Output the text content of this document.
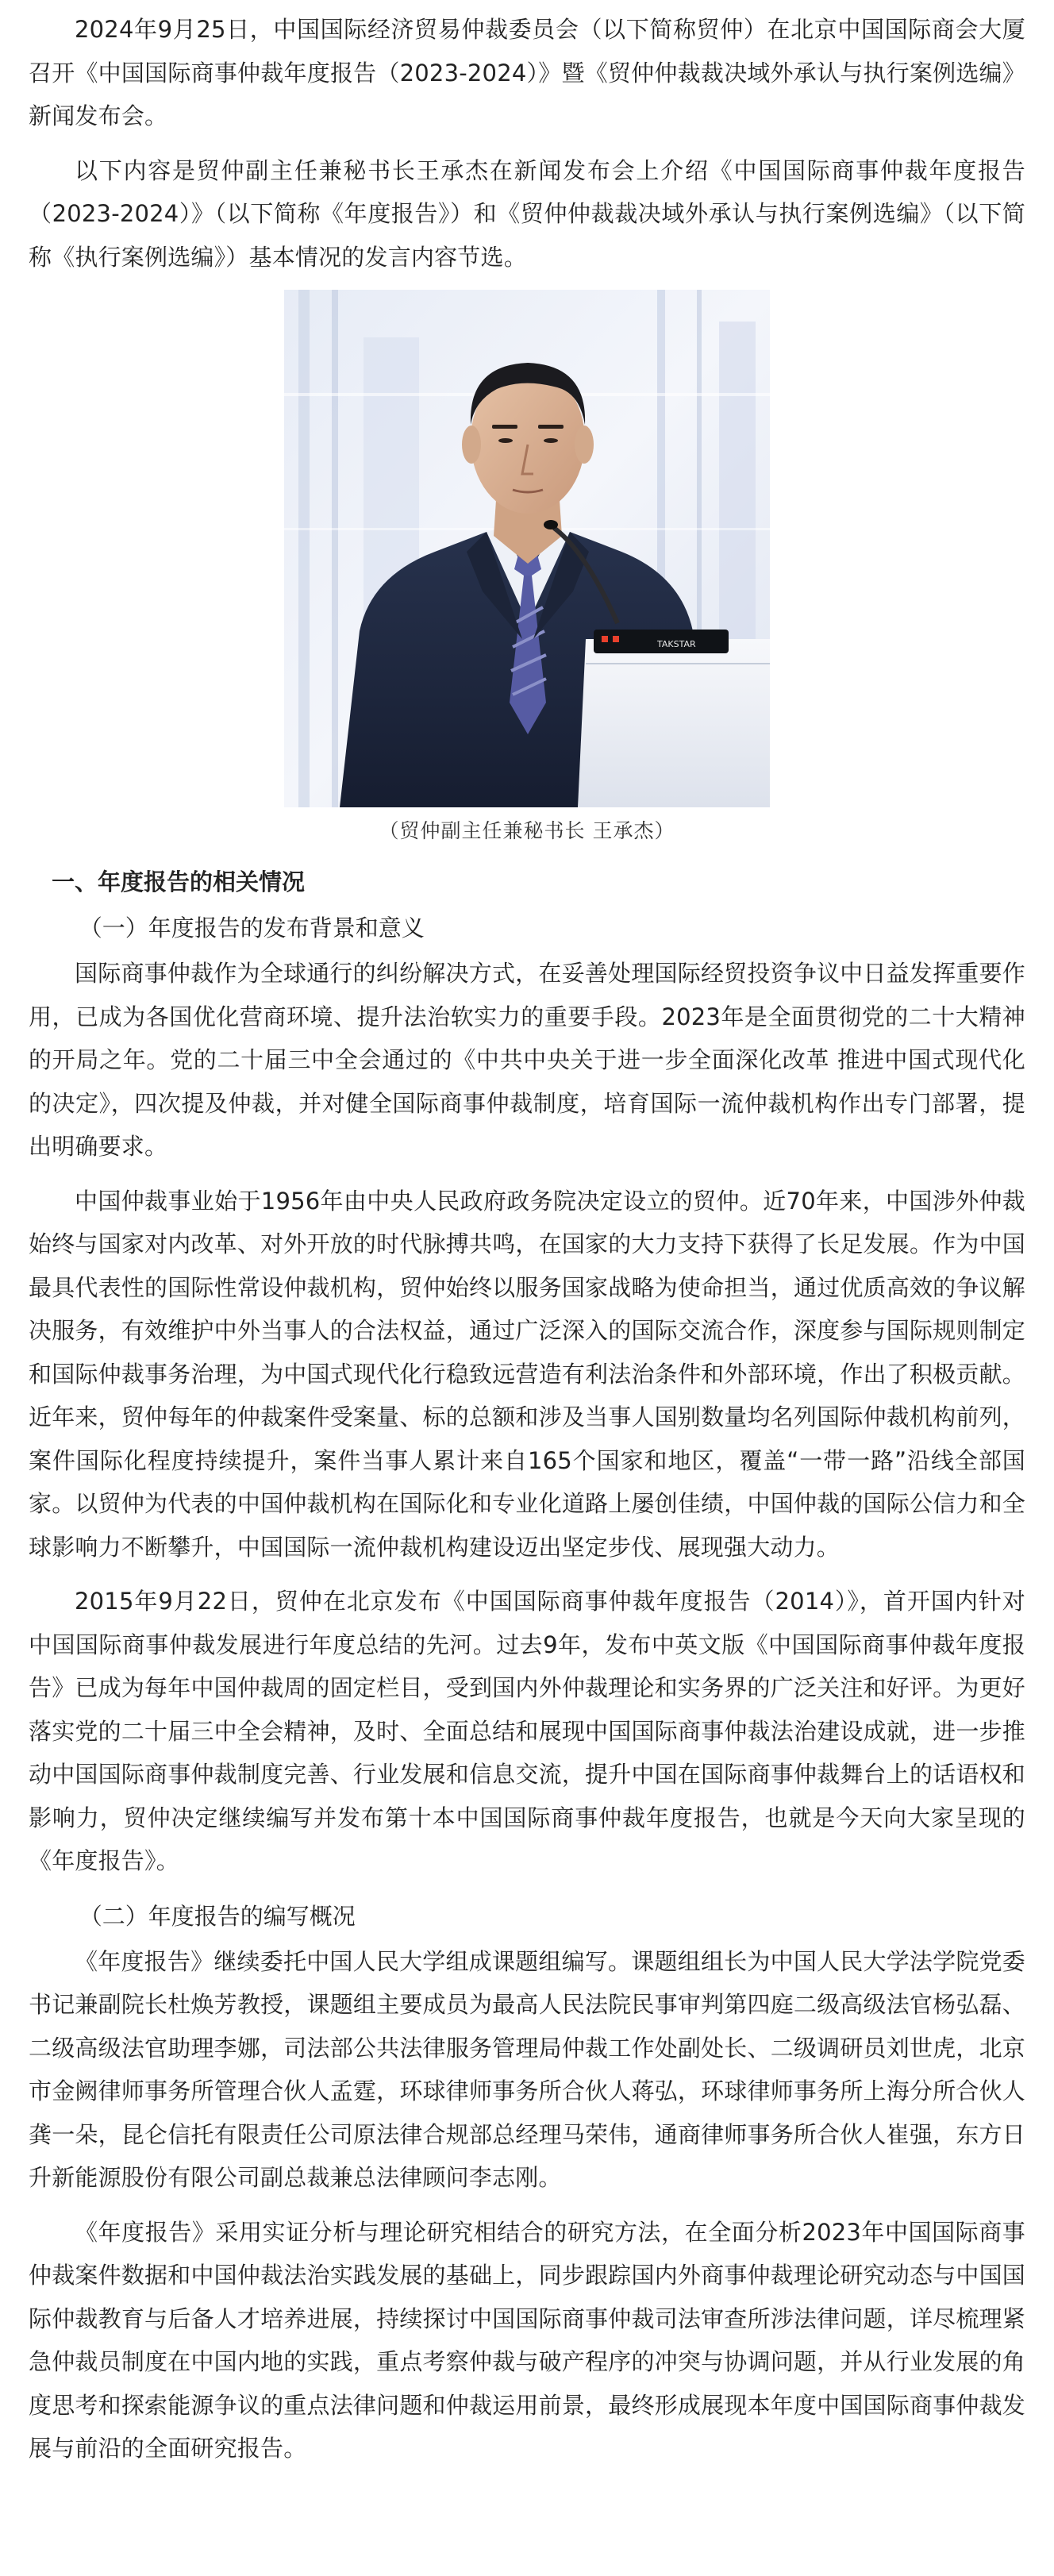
2024年9月25日，中国国际经济贸易仲裁委员会（以下简称贸仲）在北京中国国际商会大厦召开《中国国际商事仲裁年度报告（2023-2024）》暨《贸仲仲裁裁决域外承认与执行案例选编》新闻发布会。

以下内容是贸仲副主任兼秘书长王承杰在新闻发布会上介绍《中国国际商事仲裁年度报告（2023-2024）》（以下简称《年度报告》）和《贸仲仲裁裁决域外承认与执行案例选编》（以下简称《执行案例选编》）基本情况的发言内容节选。

TAKSTAR
（贸仲副主任兼秘书长 王承杰）
一、年度报告的相关情况
（一）年度报告的发布背景和意义

国际商事仲裁作为全球通行的纠纷解决方式，在妥善处理国际经贸投资争议中日益发挥重要作用，已成为各国优化营商环境、提升法治软实力的重要手段。2023年是全面贯彻党的二十大精神的开局之年。党的二十届三中全会通过的《中共中央关于进一步全面深化改革 推进中国式现代化的决定》，四次提及仲裁，并对健全国际商事仲裁制度，培育国际一流仲裁机构作出专门部署，提出明确要求。

中国仲裁事业始于1956年由中央人民政府政务院决定设立的贸仲。近70年来，中国涉外仲裁始终与国家对内改革、对外开放的时代脉搏共鸣，在国家的大力支持下获得了长足发展。作为中国最具代表性的国际性常设仲裁机构，贸仲始终以服务国家战略为使命担当，通过优质高效的争议解决服务，有效维护中外当事人的合法权益，通过广泛深入的国际交流合作，深度参与国际规则制定和国际仲裁事务治理，为中国式现代化行稳致远营造有利法治条件和外部环境，作出了积极贡献。近年来，贸仲每年的仲裁案件受案量、标的总额和涉及当事人国别数量均名列国际仲裁机构前列，案件国际化程度持续提升，案件当事人累计来自165个国家和地区，覆盖“一带一路”沿线全部国家。以贸仲为代表的中国仲裁机构在国际化和专业化道路上屡创佳绩，中国仲裁的国际公信力和全球影响力不断攀升，中国国际一流仲裁机构建设迈出坚定步伐、展现强大动力。

2015年9月22日，贸仲在北京发布《中国国际商事仲裁年度报告（2014）》，首开国内针对中国国际商事仲裁发展进行年度总结的先河。过去9年，发布中英文版《中国国际商事仲裁年度报告》已成为每年中国仲裁周的固定栏目，受到国内外仲裁理论和实务界的广泛关注和好评。为更好落实党的二十届三中全会精神，及时、全面总结和展现中国国际商事仲裁法治建设成就，进一步推动中国国际商事仲裁制度完善、行业发展和信息交流，提升中国在国际商事仲裁舞台上的话语权和影响力，贸仲决定继续编写并发布第十本中国国际商事仲裁年度报告，也就是今天向大家呈现的《年度报告》。

（二）年度报告的编写概况

《年度报告》继续委托中国人民大学组成课题组编写。课题组组长为中国人民大学法学院党委书记兼副院长杜焕芳教授，课题组主要成员为最高人民法院民事审判第四庭二级高级法官杨弘磊、二级高级法官助理李娜，司法部公共法律服务管理局仲裁工作处副处长、二级调研员刘世虎，北京市金阙律师事务所管理合伙人孟霆，环球律师事务所合伙人蒋弘，环球律师事务所上海分所合伙人龚一朵，昆仑信托有限责任公司原法律合规部总经理马荣伟，通商律师事务所合伙人崔强，东方日升新能源股份有限公司副总裁兼总法律顾问李志刚。

《年度报告》采用实证分析与理论研究相结合的研究方法，在全面分析2023年中国国际商事仲裁案件数据和中国仲裁法治实践发展的基础上，同步跟踪国内外商事仲裁理论研究动态与中国国际仲裁教育与后备人才培养进展，持续探讨中国国际商事仲裁司法审查所涉法律问题，详尽梳理紧急仲裁员制度在中国内地的实践，重点考察仲裁与破产程序的冲突与协调问题，并从行业发展的角度思考和探索能源争议的重点法律问题和仲裁运用前景，最终形成展现本年度中国国际商事仲裁发展与前沿的全面研究报告。
